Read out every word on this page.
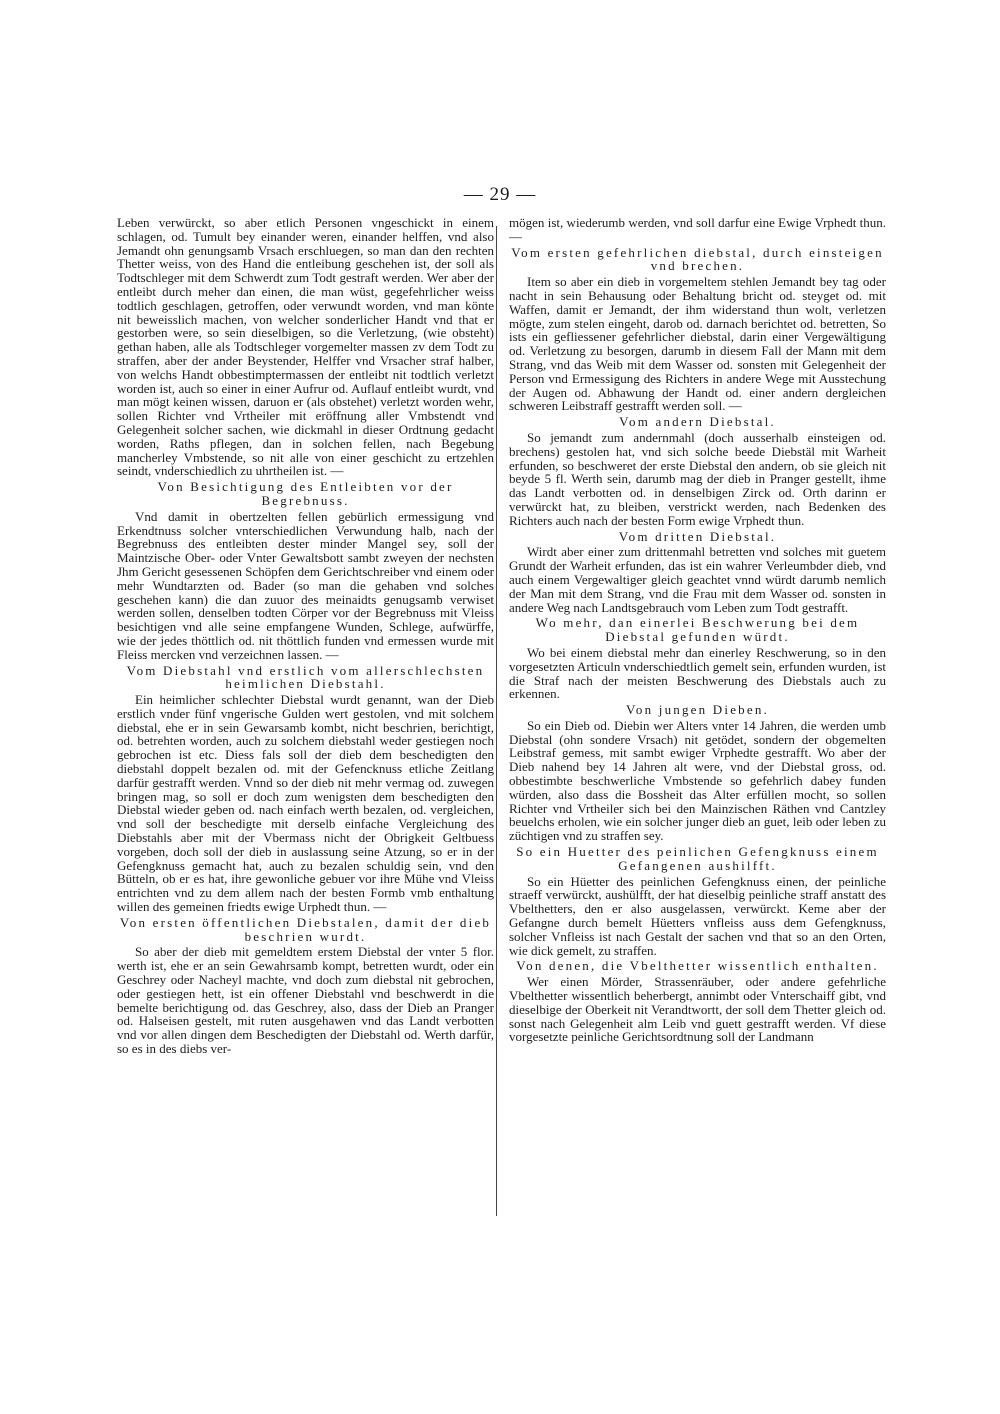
— 29 —

Leben verwürckt, so aber etlich Personen vngeschickt in einem schlagen, od. Tumult bey einander weren, einander helffen, vnd also Jemandt ohn genungsamb Vrsach erschluegen, so man dan den rechten Thetter weiss, von des Hand die entleibung geschehen ist, der soll als Todtschleger mit dem Schwerdt zum Todt gestraft werden. Wer aber der entleibt durch meher dan einen, die man wüst, gegefehrlicher weiss todtlich geschlagen, getroffen, oder verwundt worden, vnd man könte nit beweisslich machen, von welcher sonderlicher Handt vnd that er gestorben were, so sein dieselbigen, so die Verletzung, (wie obsteht) gethan haben, alle als Todtschleger vorgemelter massen zv dem Todt zu straffen, aber der ander Beystender, Helffer vnd Vrsacher straf halber, von welchs Handt obbestimptermassen der entleibt nit todtlich verletzt worden ist, auch so einer in einer Aufrur od. Auflauf entleibt wurdt, vnd man mögt keinen wissen, daruon er (als obstehet) verletzt worden wehr, sollen Richter vnd Vrtheiler mit eröffnung aller Vmbstendt vnd Gelegenheit solcher sachen, wie dickmahl in dieser Ordtnung gedacht worden, Raths pflegen, dan in solchen fellen, nach Begebung mancherley Vmbstende, so nit alle von einer geschicht zu ertzehlen seindt, vnderschiedlich zu uhrtheilen ist. —

Von Besichtigung des Entleibten vor der Begrebnuss.

Vnd damit in obertzelten fellen gebürlich ermessigung vnd Erkendtnuss solcher vnterschiedlichen Verwundung halb, nach der Begrebnuss des entleibten dester minder Mangel sey, soll der Maintzische Ober- oder Vnter Gewaltsbott sambt zweyen der nechsten Jhm Gericht gesessenen Schöpfen dem Gerichtschreiber vnd einem oder mehr Wundtarzten od. Bader (so man die gehaben vnd solches geschehen kann) die dan zuuor des meinaidts genugsamb verwiset werden sollen, denselben todten Cörper vor der Begrebnuss mit Vleiss besichtigen vnd alle seine empfangene Wunden, Schlege, aufwürffe, wie der jedes thöttlich od. nit thöttlich funden vnd ermessen wurde mit Fleiss mercken vnd verzeichnen lassen. —

Vom Diebstahl vnd erstlich vom allerschlechsten heimlichen Diebstahl.

Ein heimlicher schlechter Diebstal wurdt genannt, wan der Dieb erstlich vnder fünf vngerische Gulden wert gestolen, vnd mit solchem diebstal, ehe er in sein Gewarsamb kombt, nicht beschrien, berichtigt, od. betrehten worden, auch zu solchem diebstahl weder gestiegen noch gebrochen ist etc. Diess fals soll der dieb dem beschedigten den diebstahl doppelt bezalen od. mit der Gefencknuss etliche Zeitlang darfür gestrafft werden. Vnnd so der dieb nit mehr vermag od. zuwegen bringen mag, so soll er doch zum wenigsten dem beschedigten den Diebstal wieder geben od. nach einfach werth bezalen, od. vergleichen, vnd soll der beschedigte mit derselb einfache Vergleichung des Diebstahls aber mit der Vbermass nicht der Obrigkeit Geltbuess vorgeben, doch soll der dieb in auslassung seine Atzung, so er in der Gefengknuss gemacht hat, auch zu bezalen schuldig sein, vnd den Bütteln, ob er es hat, ihre gewonliche gebuer vor ihre Mühe vnd Vleiss entrichten vnd zu dem allem nach der besten Formb vmb enthaltung willen des gemeinen friedts ewige Urphedt thun. —

Von ersten öffentlichen Diebstalen, damit der dieb beschrien wurdt.

So aber der dieb mit gemeldtem erstem Diebstal der vnter 5 flor. werth ist, ehe er an sein Gewahrsamb kompt, betretten wurdt, oder ein Geschrey oder Nacheyl machte, vnd doch zum diebstal nit gebrochen, oder gestiegen hett, ist ein offener Diebstahl vnd beschwerdt in die bemelte berichtigung od. das Geschrey, also, dass der Dieb an Pranger od. Halseisen gestelt, mit ruten ausgehawen vnd das Landt verbotten vnd vor allen dingen dem Beschedigten der Diebstahl od. Werth darfür, so es in des diebs ver-

mögen ist, wiederumb werden, vnd soll darfur eine Ewige Vrphedt thun. —

Vom ersten gefehrlichen diebstal, durch einsteigen vnd brechen.

Item so aber ein dieb in vorgemeltem stehlen Jemandt bey tag oder nacht in sein Behausung oder Behaltung bricht od. steyget od. mit Waffen, damit er Jemandt, der ihm widerstand thun wolt, verletzen mögte, zum stelen eingeht, darob od. darnach berichtet od. betretten, So ists ein gefliessener gefehrlicher diebstal, darin einer Vergewältigung od. Verletzung zu besorgen, darumb in diesem Fall der Mann mit dem Strang, vnd das Weib mit dem Wasser od. sonsten mit Gelegenheit der Person vnd Ermessigung des Richters in andere Wege mit Ausstechung der Augen od. Abhawung der Handt od. einer andern dergleichen schweren Leibstraff gestrafft werden soll. —

Vom andern Diebstal.

So jemandt zum andernmahl (doch ausserhalb einsteigen od. brechens) gestolen hat, vnd sich solche beede Diebstäl mit Warheit erfunden, so beschweret der erste Diebstal den andern, ob sie gleich nit beyde 5 fl. Werth sein, darumb mag der dieb in Pranger gestellt, ihme das Landt verbotten od. in denselbigen Zirck od. Orth darinn er verwürckt hat, zu bleiben, verstrickt werden, nach Bedenken des Richters auch nach der besten Form ewige Vrphedt thun.

Vom dritten Diebstal.

Wirdt aber einer zum drittenmahl betretten vnd solches mit guetem Grundt der Warheit erfunden, das ist ein wahrer Verleumbder dieb, vnd auch einem Vergewaltiger gleich geachtet vnnd würdt darumb nemlich der Man mit dem Strang, vnd die Frau mit dem Wasser od. sonsten in andere Weg nach Landtsgebrauch vom Leben zum Todt gestrafft.

Wo mehr, dan einerlei Beschwerung bei dem Diebstal gefunden würdt.

Wo bei einem diebstal mehr dan einerley Reschwerung, so in den vorgesetzten Articuln vnderschiedtlich gemelt sein, erfunden wurden, ist die Straf nach der meisten Beschwerung des Diebstals auch zu erkennen.

Von jungen Dieben.

So ein Dieb od. Diebin wer Alters vnter 14 Jahren, die werden umb Diebstal (ohn sondere Vrsach) nit getödet, sondern der obgemelten Leibstraf gemess, mit sambt ewiger Vrphedte gestrafft. Wo aber der Dieb nahend bey 14 Jahren alt were, vnd der Diebstal gross, od. obbestimbte beschwerliche Vmbstende so gefehrlich dabey funden würden, also dass die Bossheit das Alter erfüllen mocht, so sollen Richter vnd Vrtheiler sich bei den Mainzischen Räthen vnd Cantzley beuelchs erholen, wie ein solcher junger dieb an guet, leib oder leben zu züchtigen vnd zu straffen sey.

So ein Huetter des peinlichen Gefengknuss einem Gefangenen aushilfft.

So ein Hüetter des peinlichen Gefengknuss einen, der peinliche straeff verwürckt, aushülfft, der hat dieselbig peinliche straff anstatt des Vbelthetters, den er also ausgelassen, verwürckt. Keme aber der Gefangne durch bemelt Hüetters vnfleiss auss dem Gefengknuss, solcher Vnfleiss ist nach Gestalt der sachen vnd that so an den Orten, wie dick gemelt, zu straffen.

Von denen, die Vbelthetter wissentlich enthalten.

Wer einen Mörder, Strassenräuber, oder andere gefehrliche Vbelthetter wissentlich beherbergt, annimbt oder Vnterschaiff gibt, vnd dieselbige der Oberkeit nit Verandtwortt, der soll dem Thetter gleich od. sonst nach Gelegenheit alm Leib vnd guett gestrafft werden. Vf diese vorgesetzte peinliche Gerichtsordtnung soll der Landmann
